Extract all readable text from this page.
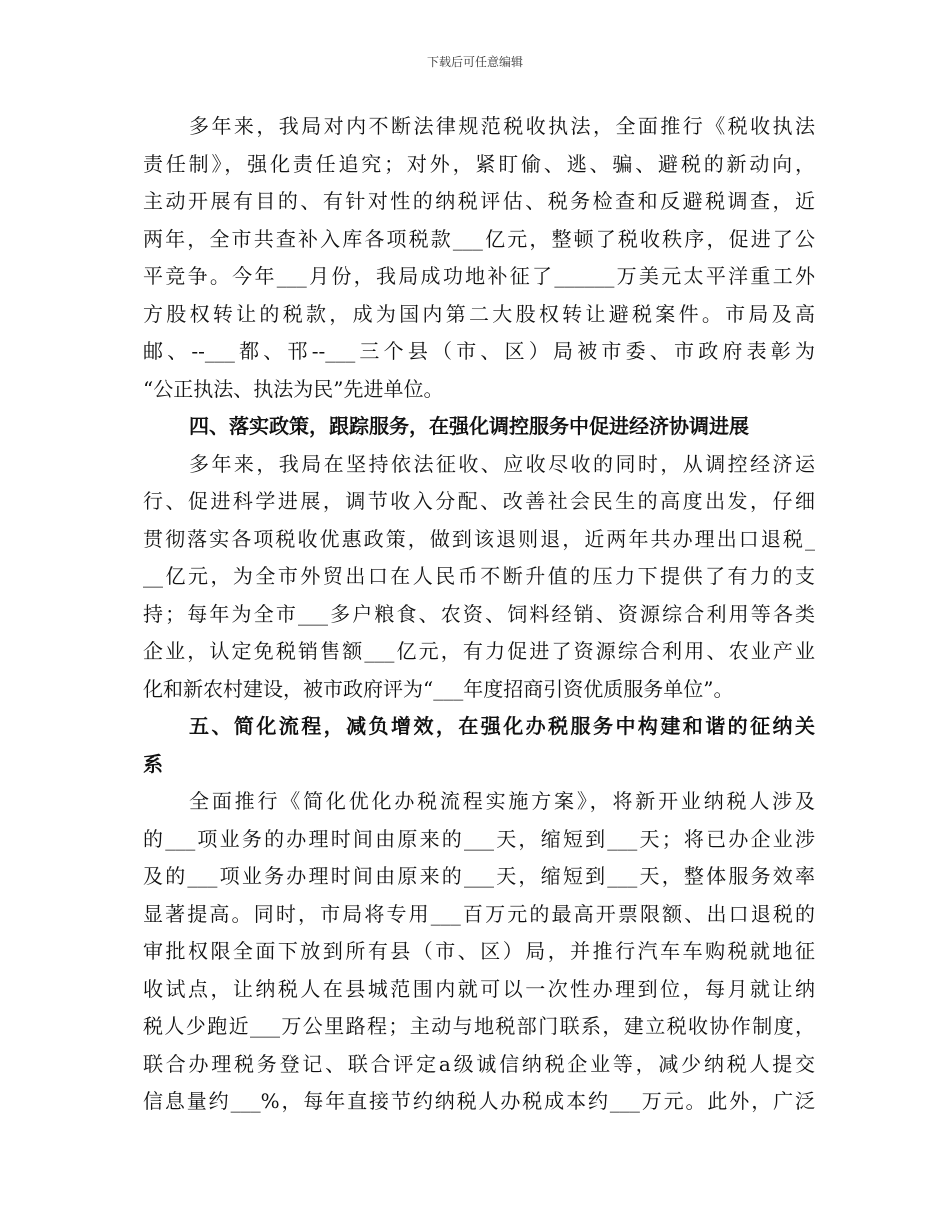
下载后可任意编辑
多年来，我局对内不断法律规范税收执法，全面推行《税收执法
责任制》，强化责任追究；对外，紧盯偷、逃、骗、避税的新动向，
主动开展有目的、有针对性的纳税评估、税务检查和反避税调查，近
两年，全市共查补入库各项税款___亿元，整顿了税收秩序，促进了公
平竞争。今年___月份，我局成功地补征了______万美元太平洋重工外
方股权转让的税款，成为国内第二大股权转让避税案件。市局及高
邮、--___都、邗--___三个县（市、区）局被市委、市政府表彰为
“公正执法、执法为民”先进单位。
四、落实政策，跟踪服务，在强化调控服务中促进经济协调进展
多年来，我局在坚持依法征收、应收尽收的同时，从调控经济运
行、促进科学进展，调节收入分配、改善社会民生的高度出发，仔细
贯彻落实各项税收优惠政策，做到该退则退，近两年共办理出口退税_
__亿元，为全市外贸出口在人民币不断升值的压力下提供了有力的支
持；每年为全市___多户粮食、农资、饲料经销、资源综合利用等各类
企业，认定免税销售额___亿元，有力促进了资源综合利用、农业产业
化和新农村建设，被市政府评为“___年度招商引资优质服务单位”。
五、简化流程，减负增效，在强化办税服务中构建和谐的征纳关
系
全面推行《简化优化办税流程实施方案》，将新开业纳税人涉及
的___项业务的办理时间由原来的___天，缩短到___天；将已办企业涉
及的___项业务办理时间由原来的___天，缩短到___天，整体服务效率
显著提高。同时，市局将专用___百万元的最高开票限额、出口退税的
审批权限全面下放到所有县（市、区）局，并推行汽车车购税就地征
收试点，让纳税人在县城范围内就可以一次性办理到位，每月就让纳
税人少跑近___万公里路程；主动与地税部门联系，建立税收协作制度，
联合办理税务登记、联合评定a级诚信纳税企业等，减少纳税人提交
信息量约___%，每年直接节约纳税人办税成本约___万元。此外，广泛
